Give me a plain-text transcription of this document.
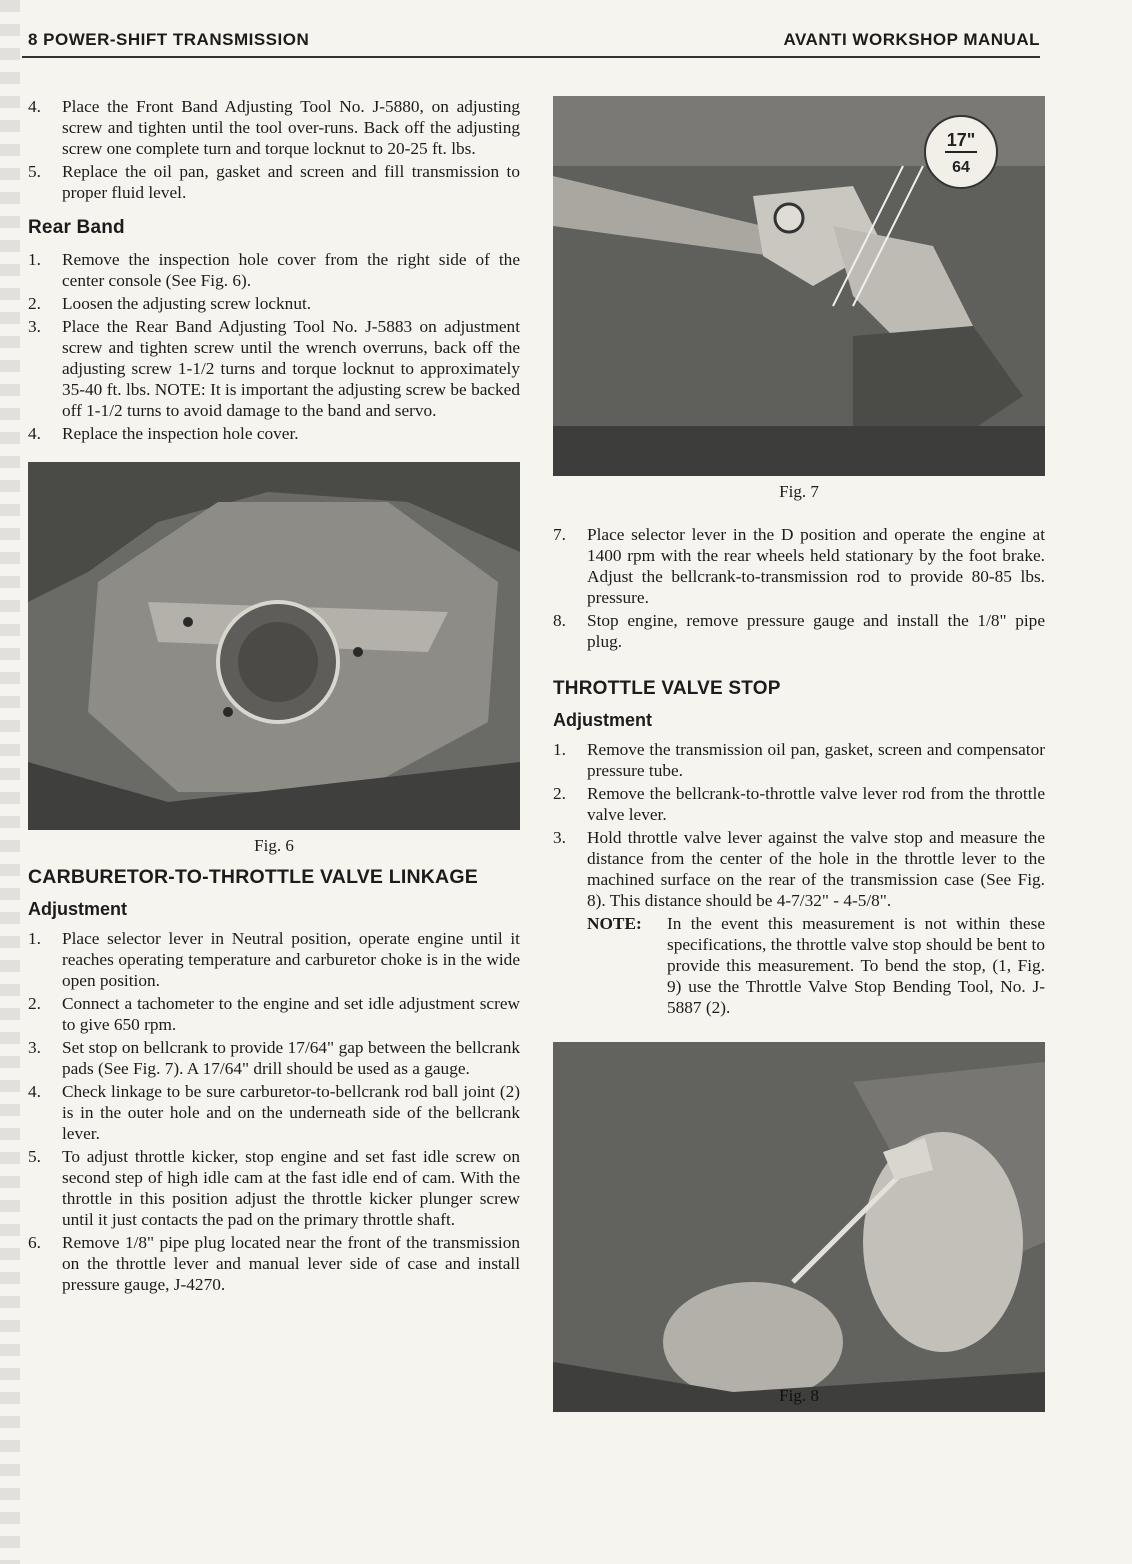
8 POWER-SHIFT TRANSMISSION	AVANTI WORKSHOP MANUAL

4.	Place the Front Band Adjusting Tool No. J-5880, on adjusting screw and tighten until the tool over-runs. Back off the adjusting screw one complete turn and torque locknut to 20-25 ft. lbs.

5.	Replace the oil pan, gasket and screen and fill transmission to proper fluid level.

Rear Band

1.	Remove the inspection hole cover from the right side of the center console (See Fig. 6).

2.	Loosen the adjusting screw locknut.

3.	Place the Rear Band Adjusting Tool No. J-5883 on adjustment screw and tighten screw until the wrench overruns, back off the adjusting screw 1-1/2 turns and torque locknut to approximately 35-40 ft. lbs. NOTE: It is important the adjusting screw be backed off 1-1/2 turns to avoid damage to the band and servo.

4.	Replace the inspection hole cover.

Fig. 6
CARBURETOR-TO-THROTTLE VALVE LINKAGE
Adjustment

1.	Place selector lever in Neutral position, operate engine until it reaches operating temperature and carburetor choke is in the wide open position.

2.	Connect a tachometer to the engine and set idle adjustment screw to give 650 rpm.

3.	Set stop on bellcrank to provide 17/64" gap between the bellcrank pads (See Fig. 7). A 17/64" drill should be used as a gauge.

4.	Check linkage to be sure carburetor-to-bellcrank rod ball joint (2) is in the outer hole and on the underneath side of the bellcrank lever.

5.	To adjust throttle kicker, stop engine and set fast idle screw on second step of high idle cam at the fast idle end of cam. With the throttle in this position adjust the throttle kicker plunger screw until it just contacts the pad on the primary throttle shaft.

6.	Remove 1/8" pipe plug located near the front of the transmission on the throttle lever and manual lever side of case and install pressure gauge, J-4270.

17"
64
Fig. 7

7.	Place selector lever in the D position and operate the engine at 1400 rpm with the rear wheels held stationary by the foot brake. Adjust the bellcrank-to-transmission rod to provide 80-85 lbs. pressure.

8.	Stop engine, remove pressure gauge and install the 1/8" pipe plug.

THROTTLE VALVE STOP
Adjustment

1.	Remove the transmission oil pan, gasket, screen and compensator pressure tube.

2.	Remove the bellcrank-to-throttle valve lever rod from the throttle valve lever.

3.	Hold throttle valve lever against the valve stop and measure the distance from the center of the hole in the throttle lever to the machined surface on the rear of the transmission case (See Fig. 8). This distance should be 4-7/32" - 4-5/8".

NOTE:	In the event this measurement is not within these specifications, the throttle valve stop should be bent to provide this measurement. To bend the stop, (1, Fig. 9) use the Throttle Valve Stop Bending Tool, No. J-5887 (2).
Fig. 8
